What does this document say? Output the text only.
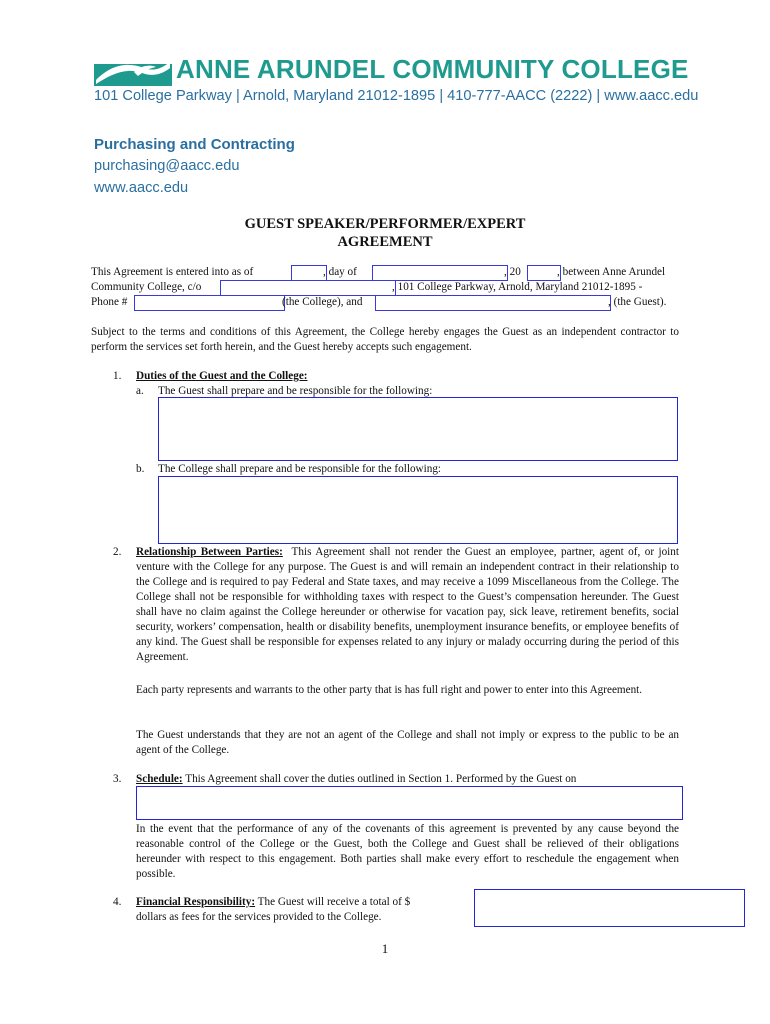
ANNE ARUNDEL COMMUNITY COLLEGE
101 College Parkway | Arnold, Maryland 21012-1895 | 410-777-AACC (2222) | www.aacc.edu
Purchasing and Contracting
purchasing@aacc.edu
www.aacc.edu
GUEST SPEAKER/PERFORMER/EXPERT
AGREEMENT
This Agreement is entered into as of	, day of	, 20	, between Anne Arundel
Community College, c/o	, 101 College Parkway, Arnold, Maryland 21012-1895 -
Phone #	(the College), and	, (the Guest).
Subject to the terms and conditions of this Agreement, the College hereby engages the Guest as an independent contractor to perform the services set forth herein, and the Guest hereby accepts such engagement.
1. Duties of the Guest and the College:
a. The Guest shall prepare and be responsible for the following:
b. The College shall prepare and be responsible for the following:
2. Relationship Between Parties: This Agreement shall not render the Guest an employee, partner, agent of, or joint venture with the College for any purpose. The Guest is and will remain an independent contract in their relationship to the College and is required to pay Federal and State taxes, and may receive a 1099 Miscellaneous from the College. The College shall not be responsible for withholding taxes with respect to the Guest’s compensation hereunder. The Guest shall have no claim against the College hereunder or otherwise for vacation pay, sick leave, retirement benefits, social security, workers’ compensation, health or disability benefits, unemployment insurance benefits, or employee benefits of any kind. The Guest shall be responsible for expenses related to any injury or malady occurring during the period of this Agreement.
Each party represents and warrants to the other party that is has full right and power to enter into this Agreement.
The Guest understands that they are not an agent of the College and shall not imply or express to the public to be an agent of the College.
3. Schedule: This Agreement shall cover the duties outlined in Section 1. Performed by the Guest on
In the event that the performance of any of the covenants of this agreement is prevented by any cause beyond the reasonable control of the College or the Guest, both the College and Guest shall be relieved of their obligations hereunder with respect to this engagement. Both parties shall make every effort to reschedule the engagement when possible.
4. Financial Responsibility: The Guest will receive a total of $
dollars as fees for the services provided to the College.
1
